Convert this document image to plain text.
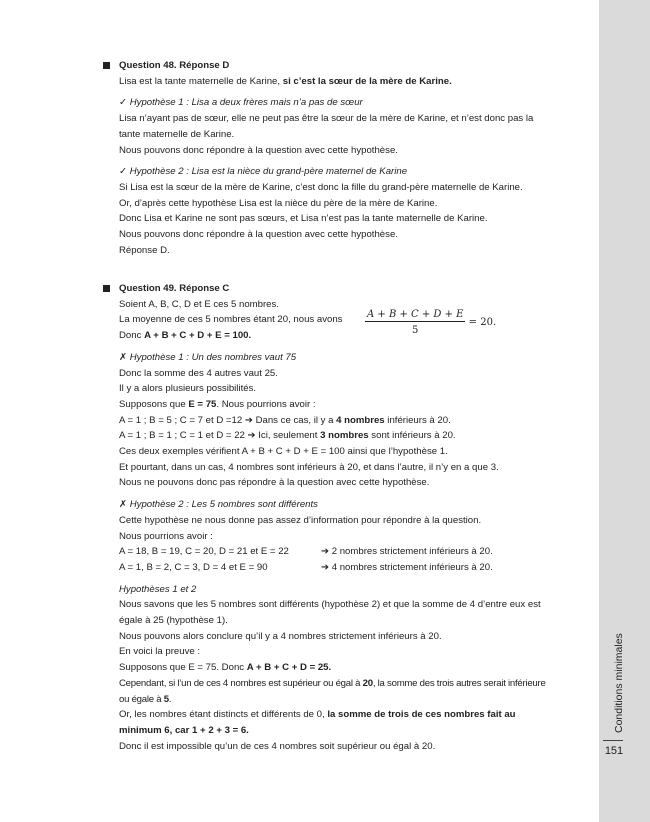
Conditions minimales
151
Question 48. Réponse D
Lisa est la tante maternelle de Karine, si c’est la sœur de la mère de Karine.
✓ Hypothèse 1 : Lisa a deux frères mais n’a pas de sœur
Lisa n’ayant pas de sœur, elle ne peut pas être la sœur de la mère de Karine, et n’est donc pas la tante maternelle de Karine.
Nous pouvons donc répondre à la question avec cette hypothèse.
✓ Hypothèse 2 : Lisa est la nièce du grand-père maternel de Karine
Si Lisa est la sœur de la mère de Karine, c’est donc la fille du grand-père maternelle de Karine.
Or, d’après cette hypothèse Lisa est la nièce du père de la mère de Karine.
Donc Lisa et Karine ne sont pas sœurs, et Lisa n’est pas la tante maternelle de Karine.
Nous pouvons donc répondre à la question avec cette hypothèse.
Réponse D.
Question 49. Réponse C
Soient A, B, C, D et E ces 5 nombres.
La moyenne de ces 5 nombres étant 20, nous avons $\frac{A + B + C + D + E}{5} = 20$.
Donc A + B + C + D + E = 100.
✗ Hypothèse 1 : Un des nombres vaut 75
Donc la somme des 4 autres vaut 25.
Il y a alors plusieurs possibilités.
Supposons que E = 75. Nous pourrions avoir :
A = 1 ; B = 5 ; C = 7 et D =12 ➔ Dans ce cas, il y a 4 nombres inférieurs à 20.
A = 1 ; B = 1 ; C = 1 et D = 22 ➔ Ici, seulement 3 nombres sont inférieurs à 20.
Ces deux exemples vérifient A + B + C + D + E = 100 ainsi que l’hypothèse 1.
Et pourtant, dans un cas, 4 nombres sont inférieurs à 20, et dans l’autre, il n’y en a que 3.
Nous ne pouvons donc pas répondre à la question avec cette hypothèse.
✗ Hypothèse 2 : Les 5 nombres sont différents
Cette hypothèse ne nous donne pas assez d’information pour répondre à la question.
Nous pourrions avoir :
A = 18, B = 19, C = 20, D = 21 et E = 22	➔ 2 nombres strictement inférieurs à 20.
A = 1, B = 2, C = 3, D = 4 et E = 90	➔ 4 nombres strictement inférieurs à 20.
Hypothèses 1 et 2
Nous savons que les 5 nombres sont différents (hypothèse 2) et que la somme de 4 d’entre eux est égale à 25 (hypothèse 1).
Nous pouvons alors conclure qu’il y a 4 nombres strictement inférieurs à 20.
En voici la preuve :
Supposons que E = 75. Donc A + B + C + D = 25.
Cependant, si l’un de ces 4 nombres est supérieur ou égal à 20, la somme des trois autres serait inférieure ou égale à 5.
Or, les nombres étant distincts et différents de 0, la somme de trois de ces nombres fait au minimum 6, car 1 + 2 + 3 = 6.
Donc il est impossible qu’un de ces 4 nombres soit supérieur ou égal à 20.
